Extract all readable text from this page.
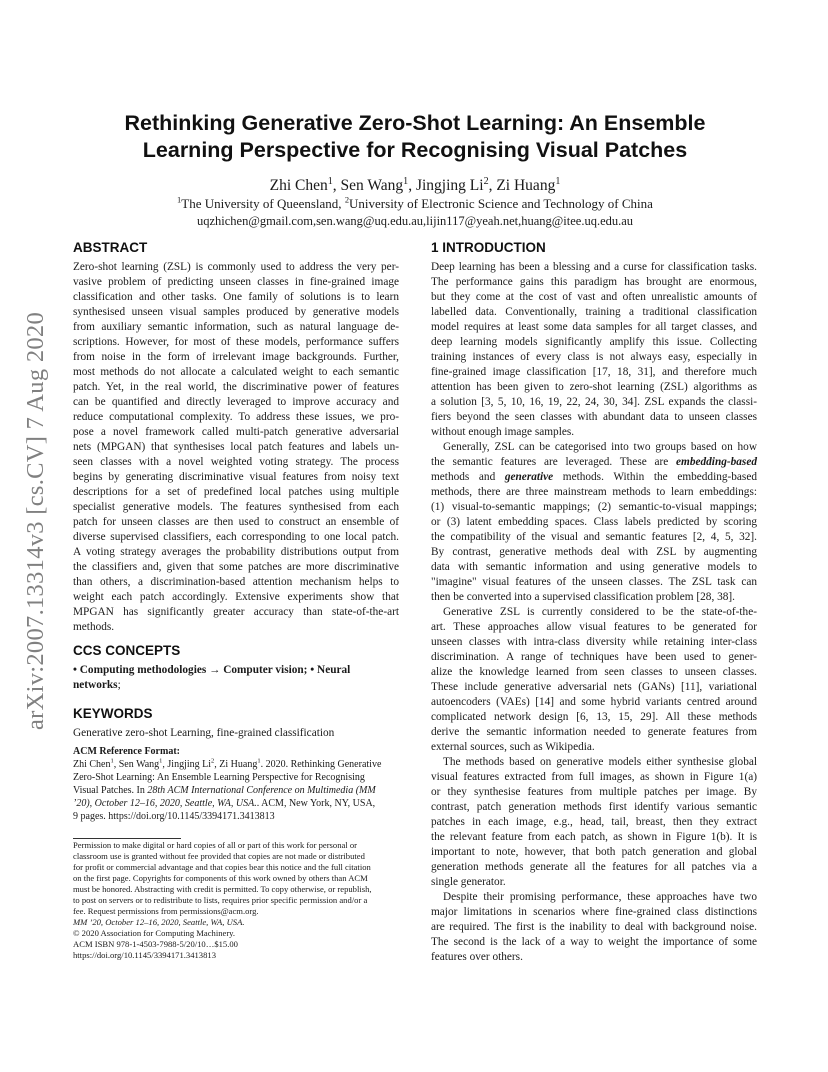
arXiv:2007.13314v3 [cs.CV] 7 Aug 2020
Rethinking Generative Zero-Shot Learning: An Ensemble
Learning Perspective for Recognising Visual Patches
Zhi Chen$^1$, Sen Wang$^1$, Jingjing Li$^2$, Zi Huang$^1$
$^1$The University of Queensland, $^2$University of Electronic Science and Technology of China
uqzhichen@gmail.com,sen.wang@uq.edu.au,lijin117@yeah.net,huang@itee.uq.edu.au
ABSTRACT
Zero-shot learning (ZSL) is commonly used to address the very per-
vasive problem of predicting unseen classes in fine-grained image
classification and other tasks. One family of solutions is to learn
synthesised unseen visual samples produced by generative models
from auxiliary semantic information, such as natural language de-
scriptions. However, for most of these models, performance suffers
from noise in the form of irrelevant image backgrounds. Further,
most methods do not allocate a calculated weight to each semantic
patch. Yet, in the real world, the discriminative power of features
can be quantified and directly leveraged to improve accuracy and
reduce computational complexity. To address these issues, we pro-
pose a novel framework called multi-patch generative adversarial
nets (MPGAN) that synthesises local patch features and labels un-
seen classes with a novel weighted voting strategy. The process
begins by generating discriminative visual features from noisy text
descriptions for a set of predefined local patches using multiple
specialist generative models. The features synthesised from each
patch for unseen classes are then used to construct an ensemble of
diverse supervised classifiers, each corresponding to one local patch.
A voting strategy averages the probability distributions output from
the classifiers and, given that some patches are more discriminative
than others, a discrimination-based attention mechanism helps to
weight each patch accordingly. Extensive experiments show that
MPGAN has significantly greater accuracy than state-of-the-art
methods.
CCS CONCEPTS
• Computing methodologies → Computer vision; • Neural
networks;
KEYWORDS
Generative zero-shot Learning, fine-grained classification
ACM Reference Format:
Zhi Chen$^1$, Sen Wang$^1$, Jingjing Li$^2$, Zi Huang$^1$. 2020. Rethinking Generative
Zero-Shot Learning: An Ensemble Learning Perspective for Recognising
Visual Patches. In 28th ACM International Conference on Multimedia (MM
’20), October 12–16, 2020, Seattle, WA, USA.. ACM, New York, NY, USA,
9 pages. https://doi.org/10.1145/3394171.3413813
Permission to make digital or hard copies of all or part of this work for personal or
classroom use is granted without fee provided that copies are not made or distributed
for profit or commercial advantage and that copies bear this notice and the full citation
on the first page. Copyrights for components of this work owned by others than ACM
must be honored. Abstracting with credit is permitted. To copy otherwise, or republish,
to post on servers or to redistribute to lists, requires prior specific permission and/or a
fee. Request permissions from permissions@acm.org.
MM ’20, October 12–16, 2020, Seattle, WA, USA.
© 2020 Association for Computing Machinery.
ACM ISBN 978-1-4503-7988-5/20/10…$15.00
https://doi.org/10.1145/3394171.3413813
1 INTRODUCTION
Deep learning has been a blessing and a curse for classification tasks.
The performance gains this paradigm has brought are enormous,
but they come at the cost of vast and often unrealistic amounts of
labelled data. Conventionally, training a traditional classification
model requires at least some data samples for all target classes, and
deep learning models significantly amplify this issue. Collecting
training instances of every class is not always easy, especially in
fine-grained image classification [17, 18, 31], and therefore much
attention has been given to zero-shot learning (ZSL) algorithms as
a solution [3, 5, 10, 16, 19, 22, 24, 30, 34]. ZSL expands the classi-
fiers beyond the seen classes with abundant data to unseen classes
without enough image samples.
Generally, ZSL can be categorised into two groups based on how
the semantic features are leveraged. These are embedding-based
methods and generative methods. Within the embedding-based
methods, there are three mainstream methods to learn embeddings:
(1) visual-to-semantic mappings; (2) semantic-to-visual mappings;
or (3) latent embedding spaces. Class labels predicted by scoring
the compatibility of the visual and semantic features [2, 4, 5, 32].
By contrast, generative methods deal with ZSL by augmenting
data with semantic information and using generative models to
"imagine" visual features of the unseen classes. The ZSL task can
then be converted into a supervised classification problem [28, 38].
Generative ZSL is currently considered to be the state-of-the-
art. These approaches allow visual features to be generated for
unseen classes with intra-class diversity while retaining inter-class
discrimination. A range of techniques have been used to gener-
alize the knowledge learned from seen classes to unseen classes.
These include generative adversarial nets (GANs) [11], variational
autoencoders (VAEs) [14] and some hybrid variants centred around
complicated network design [6, 13, 15, 29]. All these methods
derive the semantic information needed to generate features from
external sources, such as Wikipedia.
The methods based on generative models either synthesise global
visual features extracted from full images, as shown in Figure 1(a)
or they synthesise features from multiple patches per image. By
contrast, patch generation methods first identify various semantic
patches in each image, e.g., head, tail, breast, then they extract
the relevant feature from each patch, as shown in Figure 1(b). It is
important to note, however, that both patch generation and global
generation methods generate all the features for all patches via a
single generator.
Despite their promising performance, these approaches have two
major limitations in scenarios where fine-grained class distinctions
are required. The first is the inability to deal with background noise.
The second is the lack of a way to weight the importance of some
features over others.
